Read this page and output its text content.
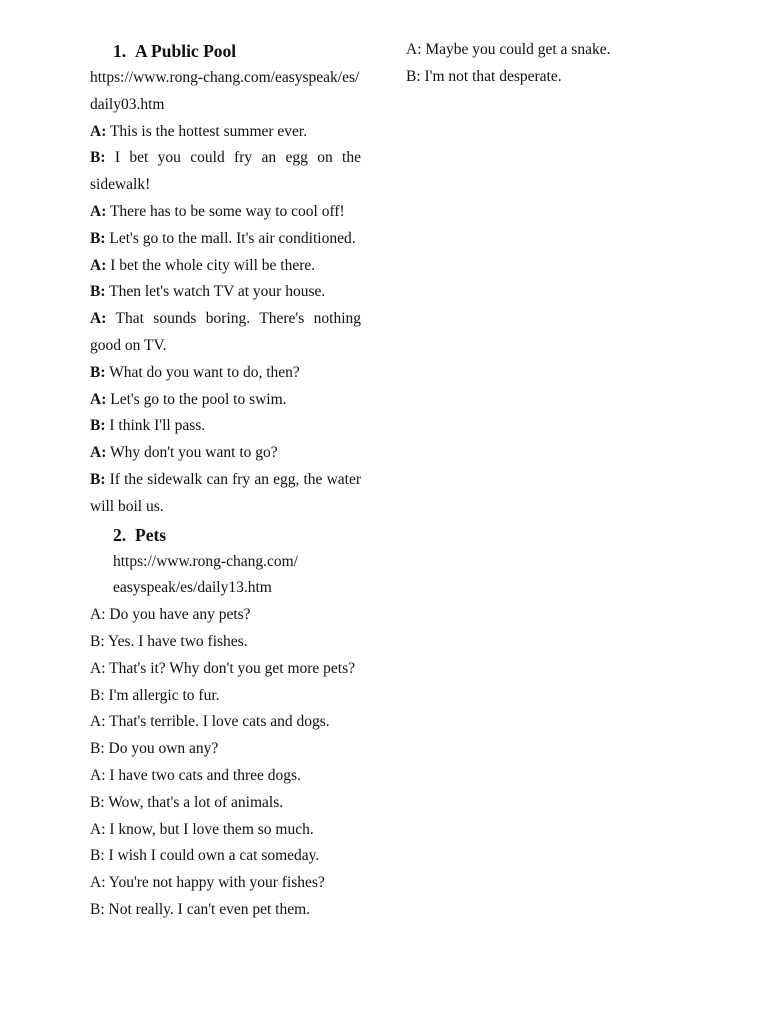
1. A Public Pool

https://www.rong-chang.com/easyspeak/es/
daily03.htm

A: This is the hottest summer ever.

B: I bet you could fry an egg on the sidewalk!

A: There has to be some way to cool off!

B: Let's go to the mall. It's air conditioned.

A: I bet the whole city will be there.

B: Then let's watch TV at your house.

A: That sounds boring. There's nothing good on TV.

B: What do you want to do, then?

A: Let's go to the pool to swim.

B: I think I'll pass.

A: Why don't you want to go?

B: If the sidewalk can fry an egg, the water will boil us.

2. Pets

https://www.rong-chang.com/
easyspeak/es/daily13.htm

A: Do you have any pets?

B: Yes. I have two fishes.

A: That's it? Why don't you get more pets?

B: I'm allergic to fur.

A: That's terrible. I love cats and dogs.

B: Do you own any?

A: I have two cats and three dogs.

B: Wow, that's a lot of animals.

A: I know, but I love them so much.

B: I wish I could own a cat someday.

A: You're not happy with your fishes?

B: Not really. I can't even pet them.

A: Maybe you could get a snake.

B: I'm not that desperate.
